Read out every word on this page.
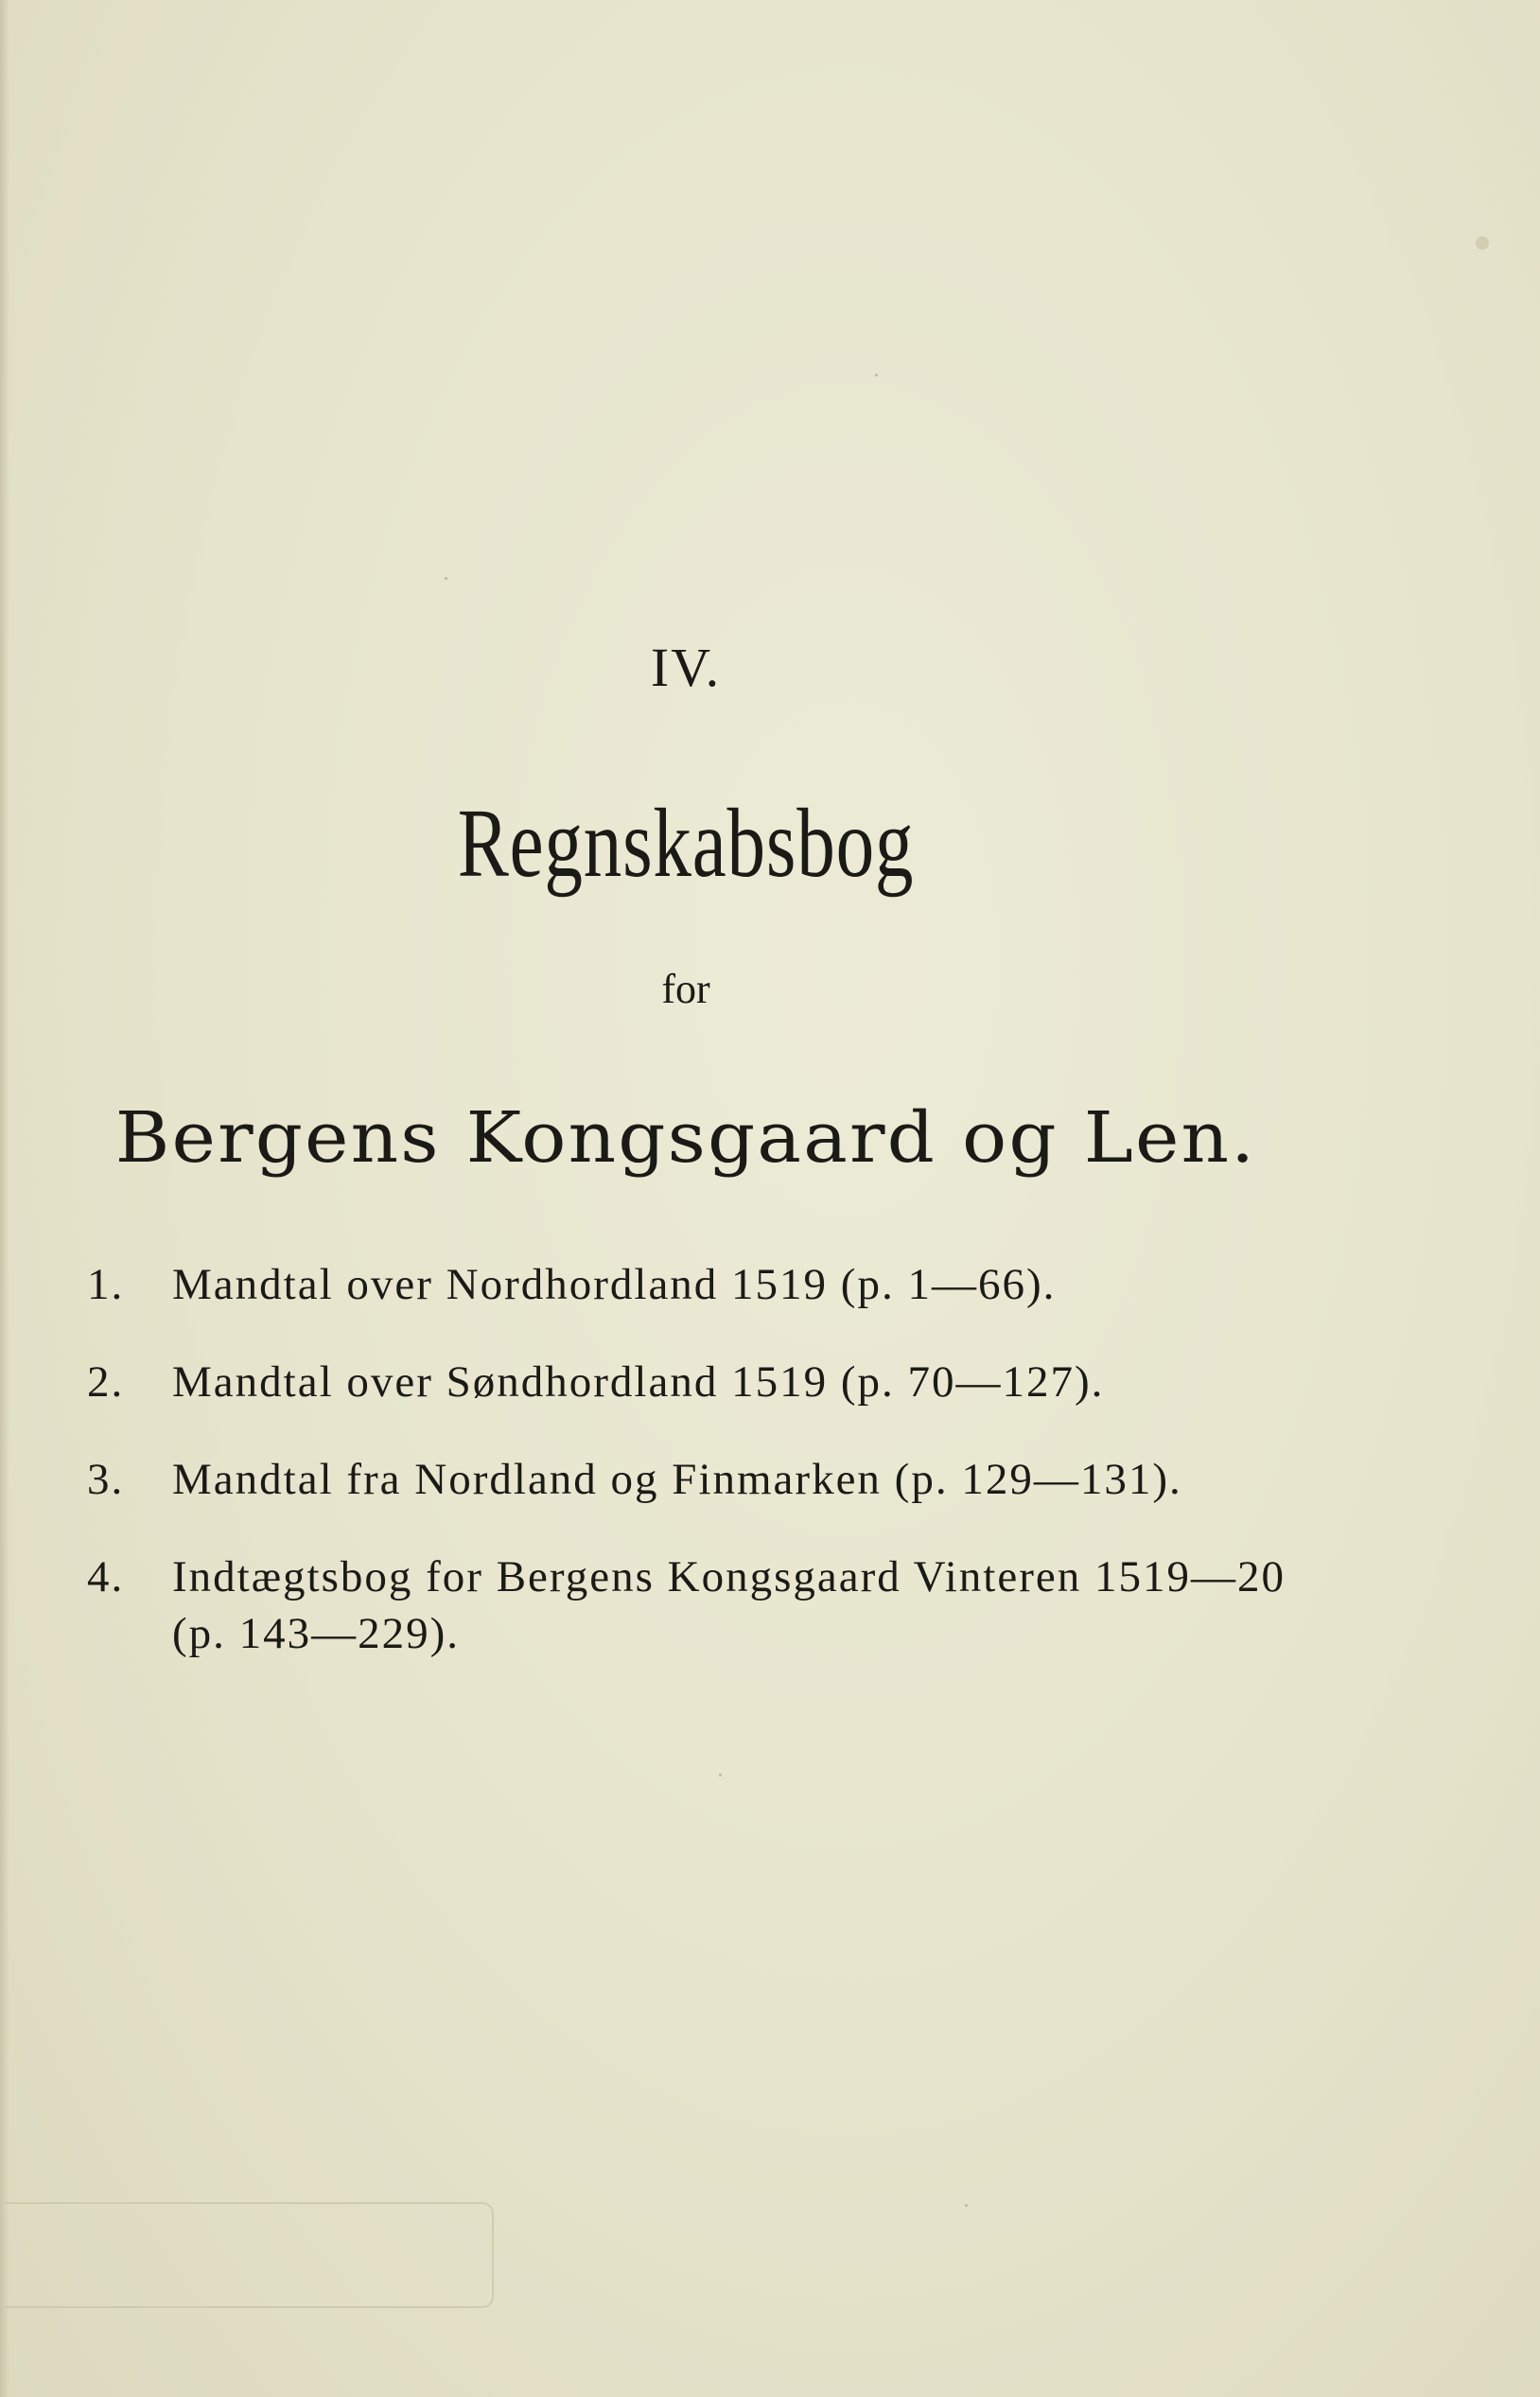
IV.
Regnskabsbog
for
Bergens Kongsgaard og Len.
1.	Mandtal over Nordhordland 1519 (p. 1—66).
2.	Mandtal over Søndhordland 1519 (p. 70—127).
3.	Mandtal fra Nordland og Finmarken (p. 129—131).
4.	Indtægtsbog for Bergens Kongsgaard Vinteren 1519—20 (p. 143—229).
